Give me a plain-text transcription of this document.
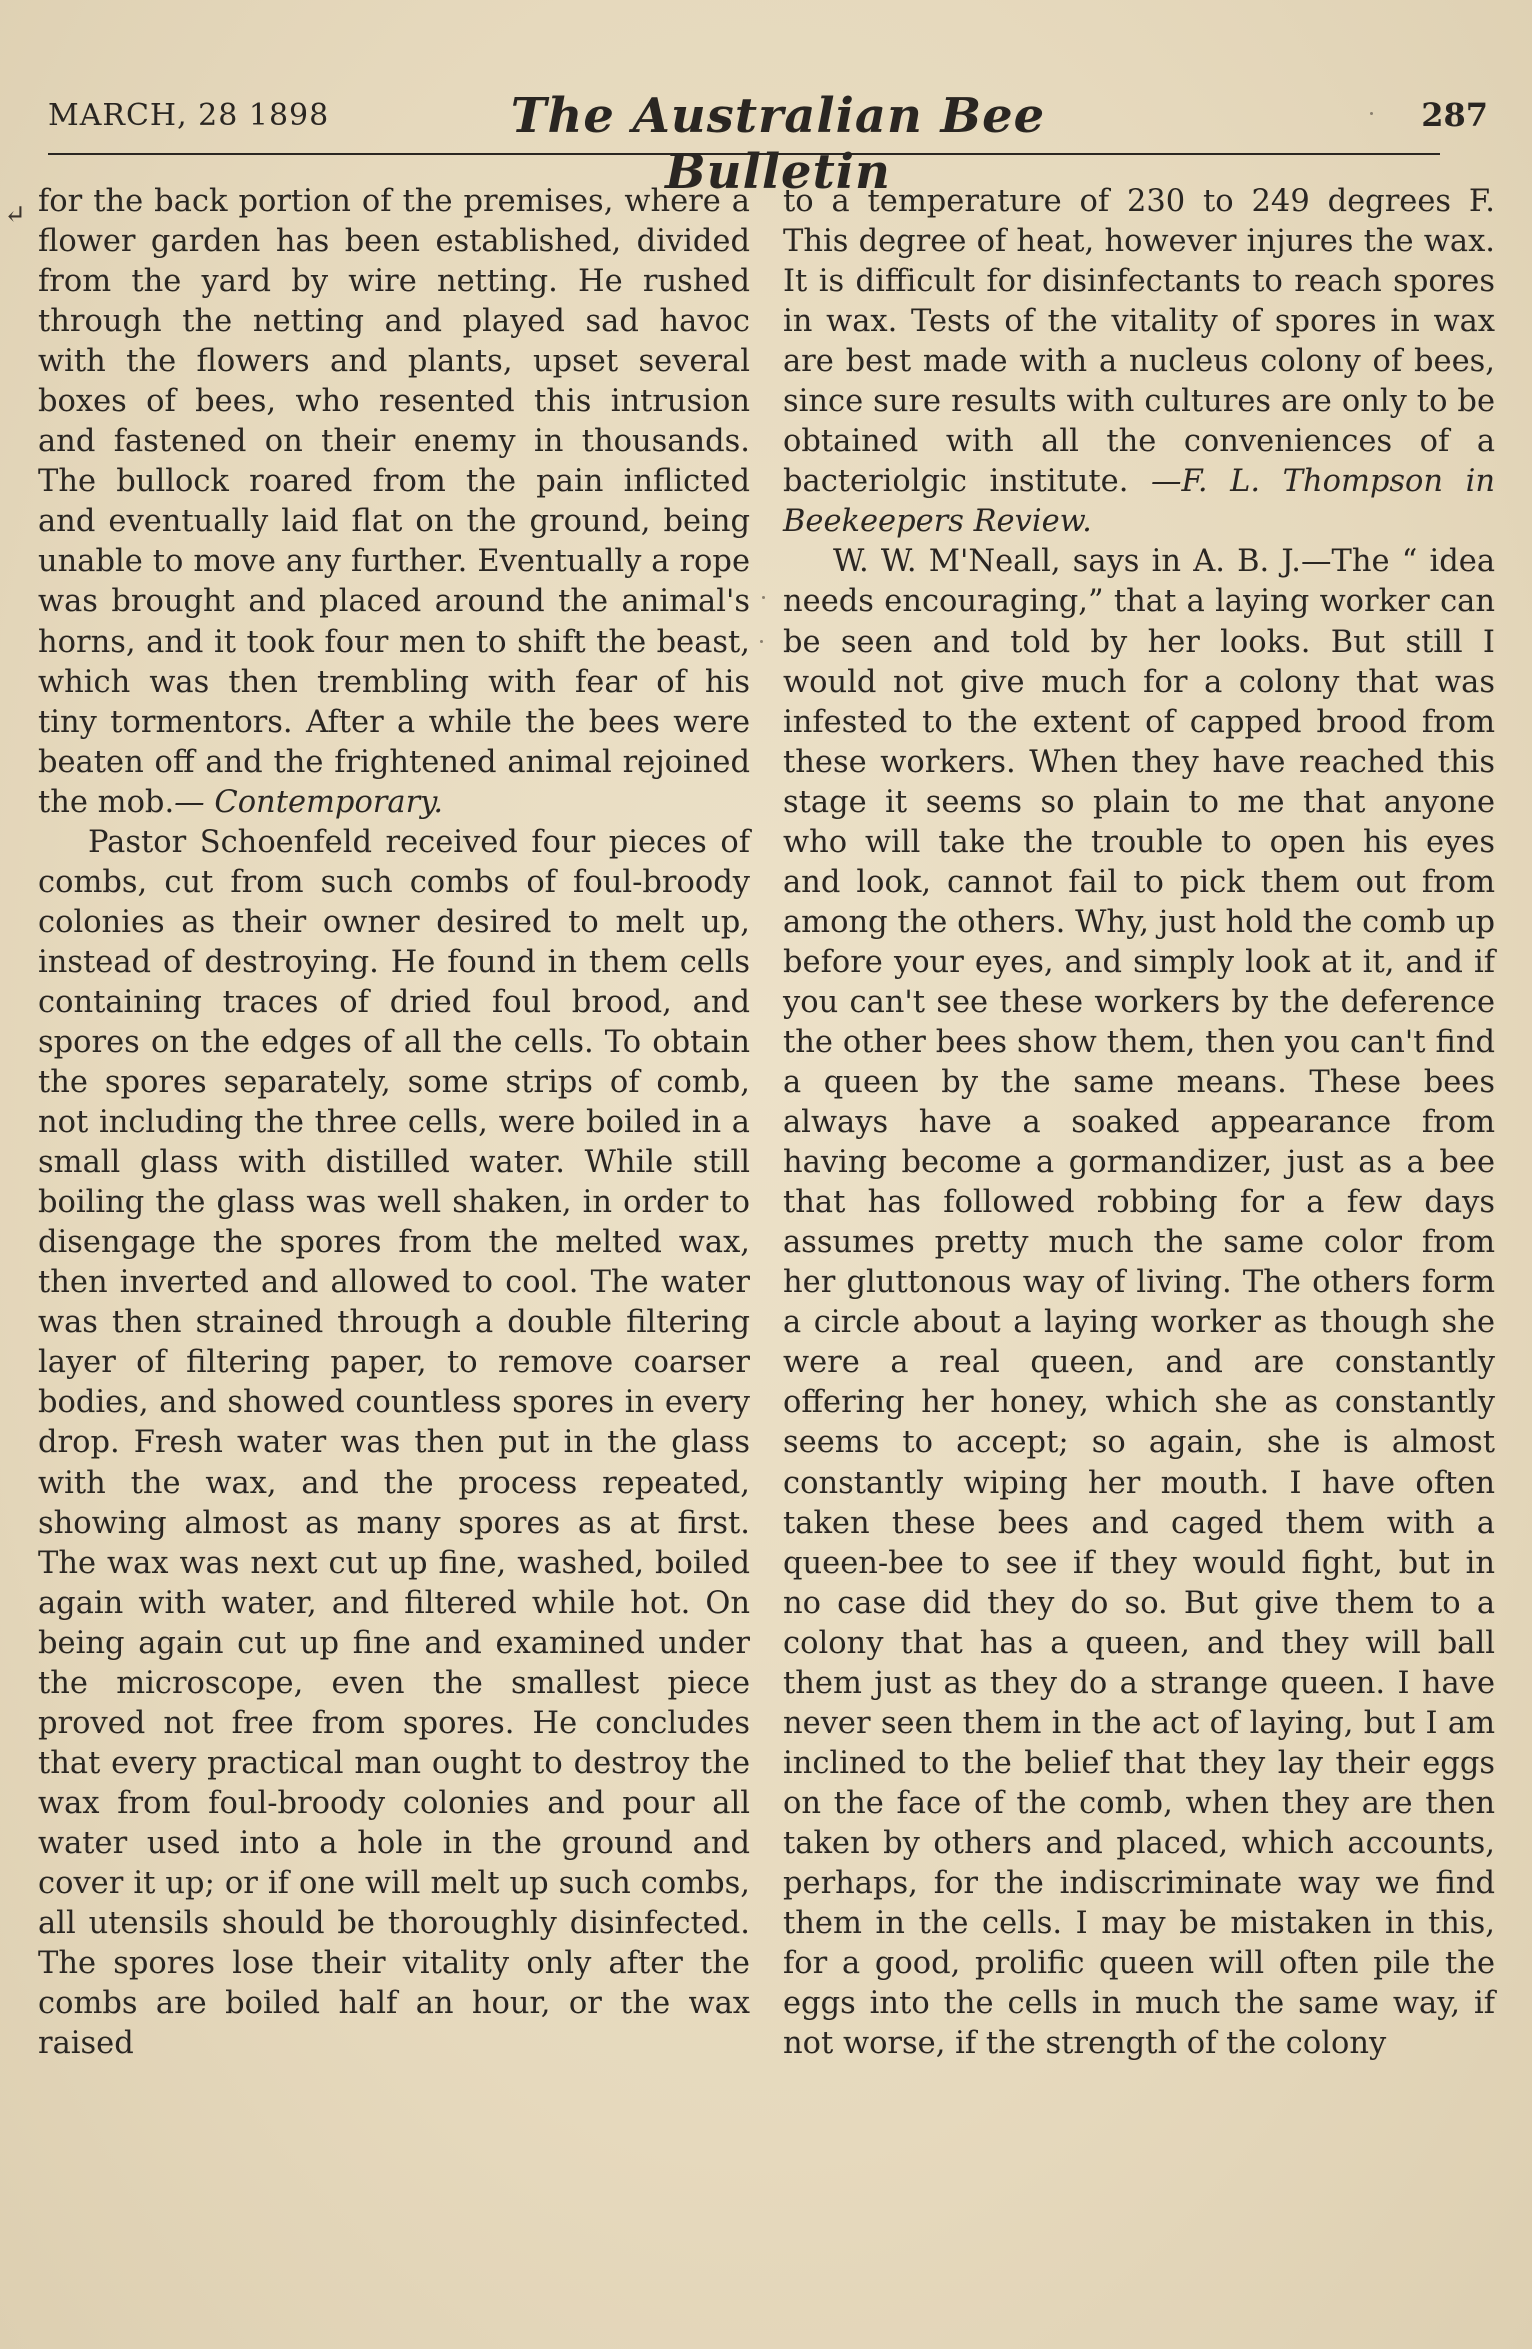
MARCH, 28 1898	The Australian Bee Bulletin
287
↵ for the back portion of the premises, where a flower garden has been established, divided from the yard by wire netting. He rushed through the netting and played sad havoc with the flowers and plants, upset several boxes of bees, who resented this intrusion and fastened on their enemy in thousands. The bullock roared from the pain inflicted and eventually laid flat on the ground, being unable to move any further. Eventually a rope was brought and placed around the animal's horns, and it took four men to shift the beast, which was then trembling with fear of his tiny tormentors. After a while the bees were beaten off and the frightened animal rejoined the mob.— Contemporary.

Pastor Schoenfeld received four pieces of combs, cut from such combs of foul-broody colonies as their owner desired to melt up, instead of destroying. He found in them cells containing traces of dried foul brood, and spores on the edges of all the cells. To obtain the spores separately, some strips of comb, not including the three cells, were boiled in a small glass with distilled water. While still boiling the glass was well shaken, in order to disengage the spores from the melted wax, then inverted and allowed to cool. The water was then strained through a double filtering layer of filtering paper, to remove coarser bodies, and showed countless spores in every drop. Fresh water was then put in the glass with the wax, and the process repeated, showing almost as many spores as at first. The wax was next cut up fine, washed, boiled again with water, and filtered while hot. On being again cut up fine and examined under the microscope, even the smallest piece proved not free from spores. He concludes that every practical man ought to destroy the wax from foul-broody colonies and pour all water used into a hole in the ground and cover it up; or if one will melt up such combs, all utensils should be thoroughly disinfected. The spores lose their vitality only after the combs are boiled half an hour, or the wax raised

to a temperature of 230 to 249 degrees F. This degree of heat, however injures the wax. It is difficult for disinfectants to reach spores in wax. Tests of the vitality of spores in wax are best made with a nucleus colony of bees, since sure results with cultures are only to be obtained with all the conveniences of a bacteriolgic institute. —F. L. Thompson in Beekeepers Review.

W. W. M'Neall, says in A. B. J.—The “ idea needs encouraging,” that a laying worker can be seen and told by her looks. But still I would not give much for a colony that was infested to the extent of capped brood from these workers. When they have reached this stage it seems so plain to me that anyone who will take the trouble to open his eyes and look, cannot fail to pick them out from among the others. Why, just hold the comb up before your eyes, and simply look at it, and if you can't see these workers by the deference the other bees show them, then you can't find a queen by the same means. These bees always have a soaked appearance from having become a gormandizer, just as a bee that has followed robbing for a few days assumes pretty much the same color from her gluttonous way of living. The others form a circle about a laying worker as though she were a real queen, and are constantly offering her honey, which she as constantly seems to accept; so again, she is almost constantly wiping her mouth. I have often taken these bees and caged them with a queen-bee to see if they would fight, but in no case did they do so. But give them to a colony that has a queen, and they will ball them just as they do a strange queen. I have never seen them in the act of laying, but I am inclined to the belief that they lay their eggs on the face of the comb, when they are then taken by others and placed, which accounts, perhaps, for the indiscriminate way we find them in the cells. I may be mistaken in this, for a good, prolific queen will often pile the eggs into the cells in much the same way, if not worse, if the strength of the colony
